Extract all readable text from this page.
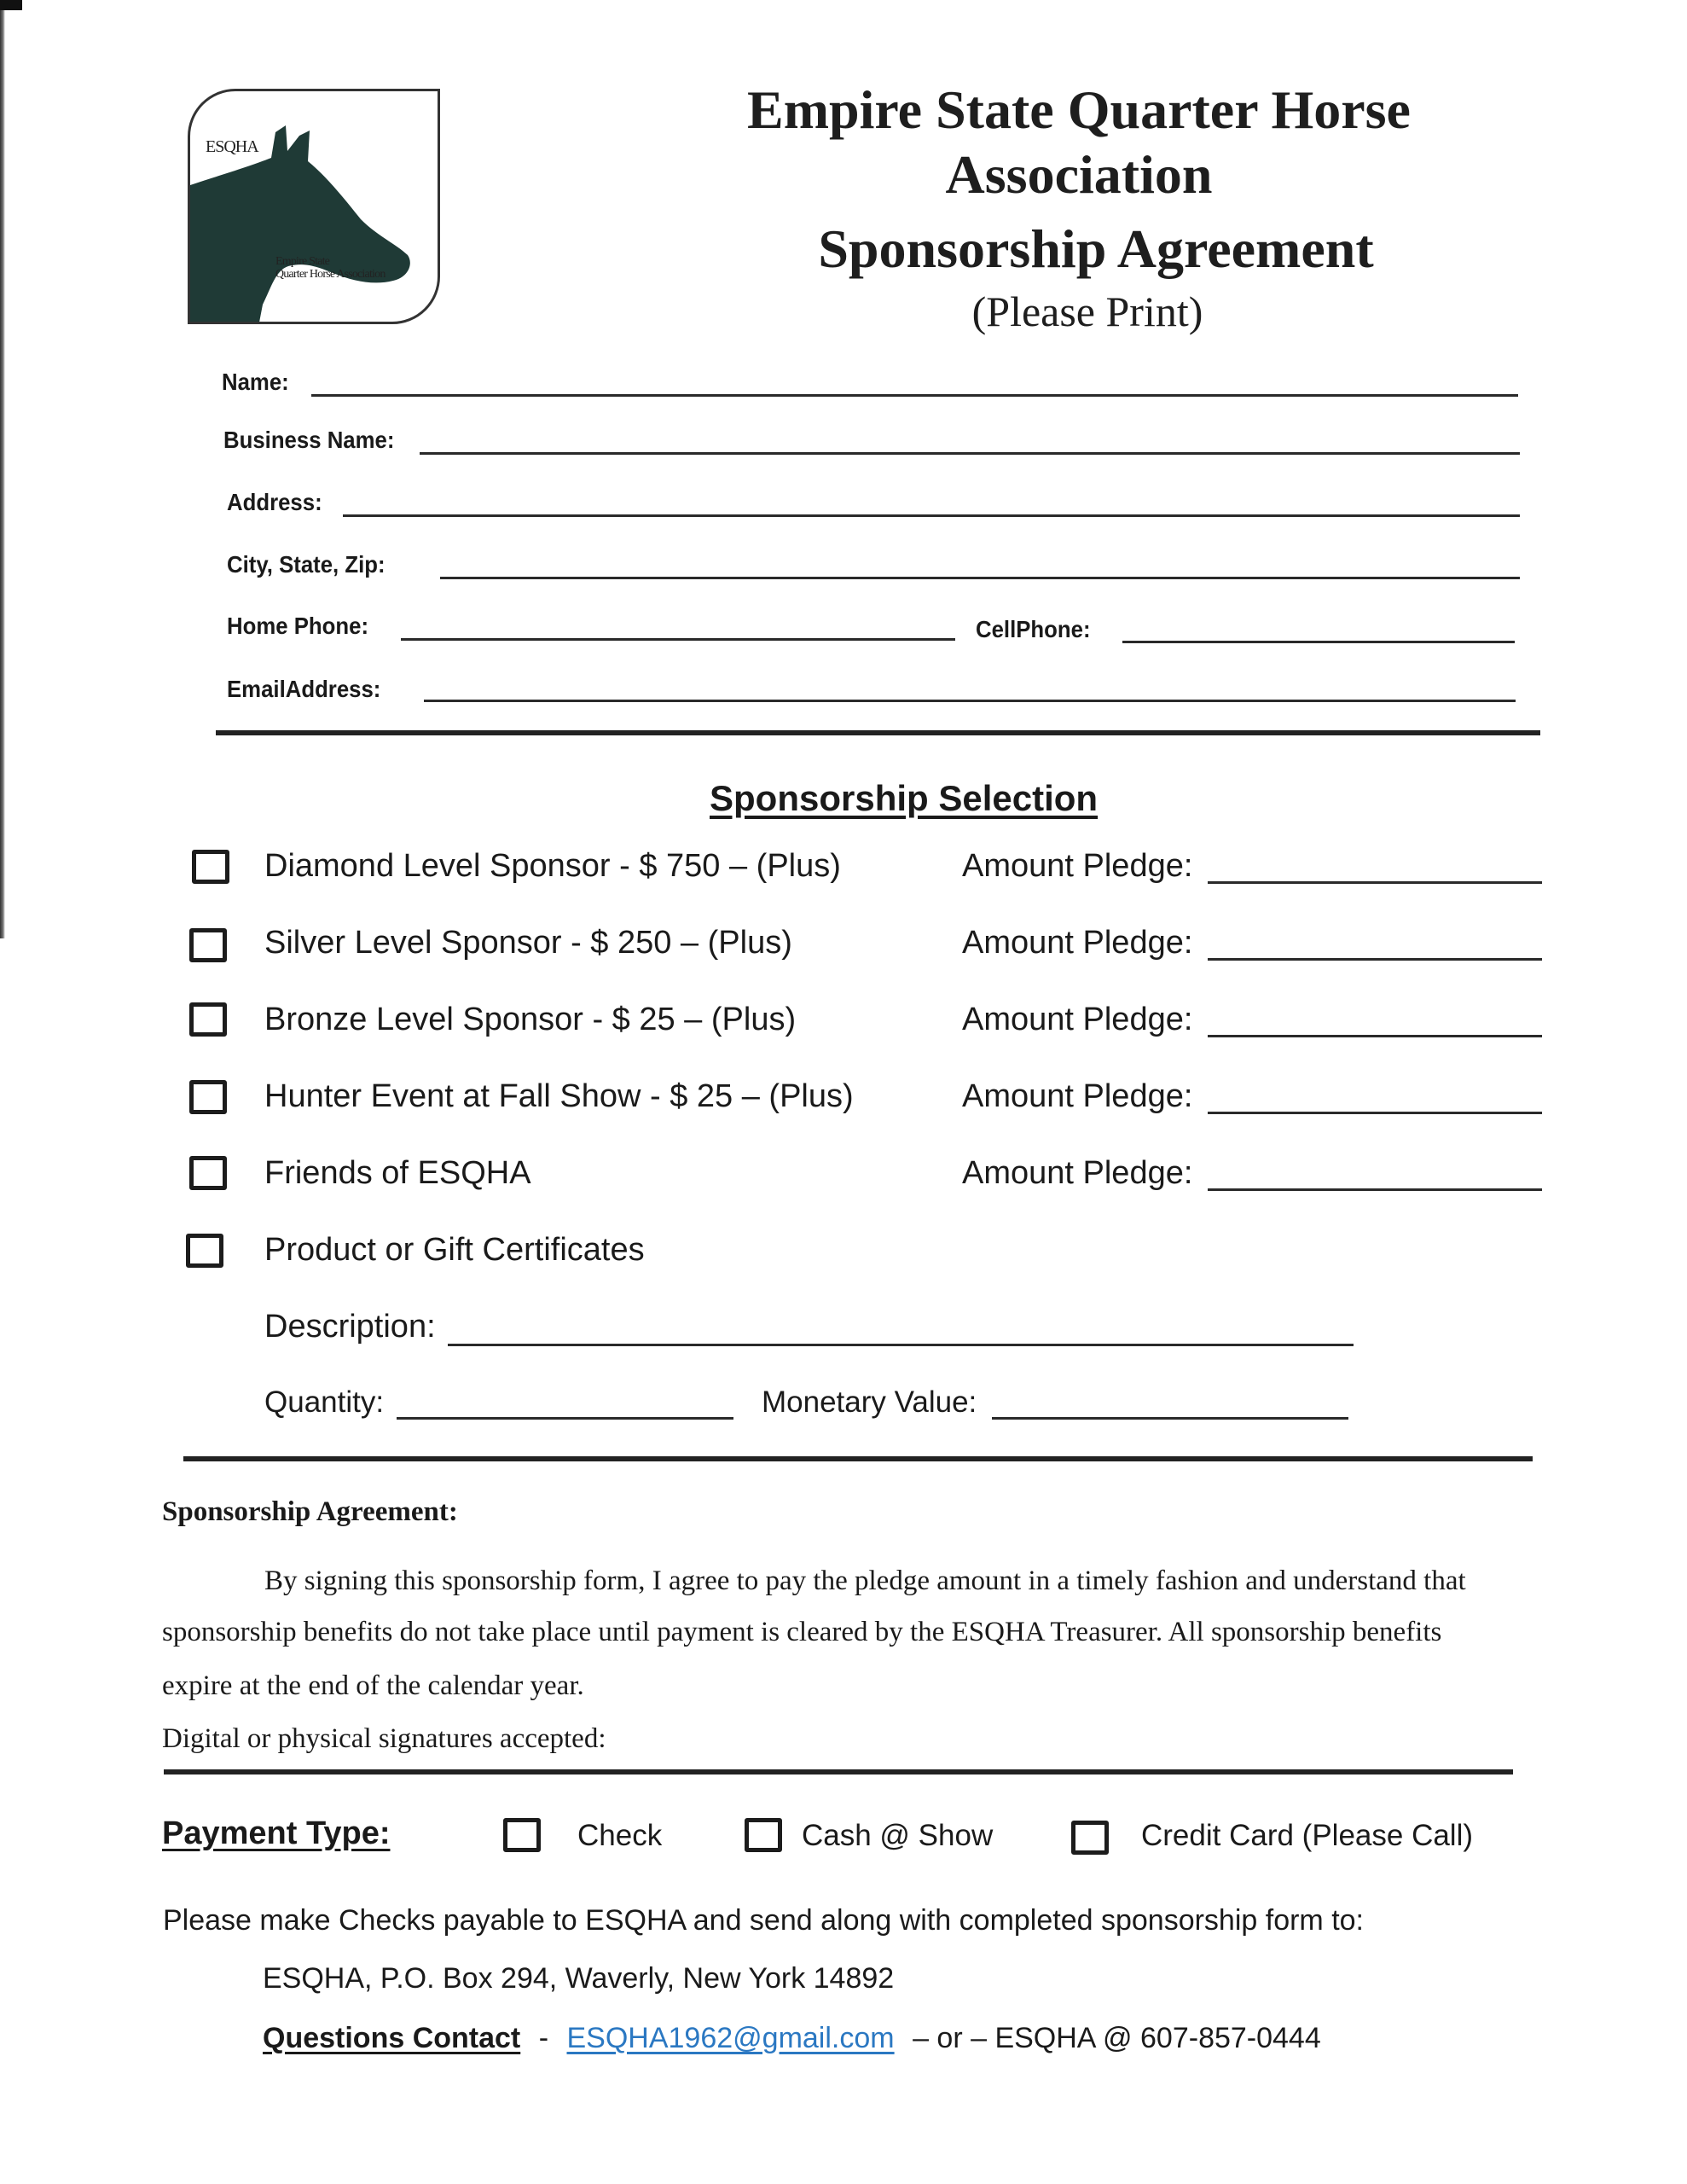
ESQHA
Empire State
Quarter Horse Association
Empire State Quarter Horse
Association
Sponsorship Agreement
(Please Print)
Name:
Business Name:
Address:
City, State, Zip:
Home Phone:	CellPhone:
EmailAddress:
Sponsorship Selection
Diamond Level Sponsor - $ 750 – (Plus)	Amount Pledge:
Silver Level Sponsor - $ 250 – (Plus)	Amount Pledge:
Bronze Level Sponsor - $ 25 – (Plus)	Amount Pledge:
Hunter Event at Fall Show - $ 25 – (Plus)	Amount Pledge:
Friends of ESQHA	Amount Pledge:
Product or Gift Certificates
Description:
Quantity:	Monetary Value:
Sponsorship Agreement:
By signing this sponsorship form, I agree to pay the pledge amount in a timely fashion and understand that
sponsorship benefits do not take place until payment is cleared by the ESQHA Treasurer. All sponsorship benefits
expire at the end of the calendar year.
Digital or physical signatures accepted:
Payment Type:	Check	Cash @ Show	Credit Card (Please Call)
Please make Checks payable to ESQHA and send along with completed sponsorship form to:
ESQHA, P.O. Box 294, Waverly, New York 14892
Questions Contact - ESQHA1962@gmail.com – or – ESQHA @ 607-857-0444
